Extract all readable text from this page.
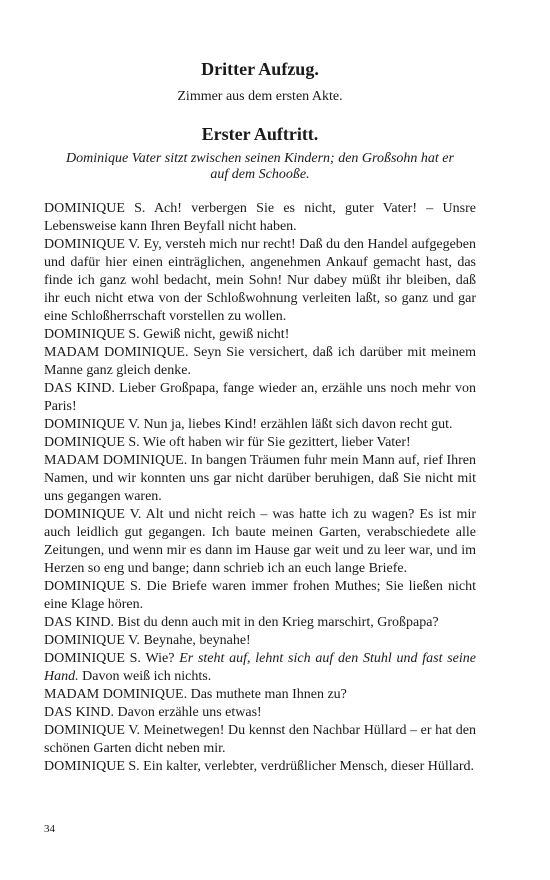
Dritter Aufzug.

Zimmer aus dem ersten Akte.

Erster Auftritt.

Dominique Vater sitzt zwischen seinen Kindern; den Großsohn hat er auf dem Schooße.

DOMINIQUE S. Ach! verbergen Sie es nicht, guter Vater! – Unsre Lebensweise kann Ihren Beyfall nicht haben.

DOMINIQUE V. Ey, versteh mich nur recht! Daß du den Handel aufgegeben und dafür hier einen einträglichen, angenehmen Ankauf gemacht hast, das finde ich ganz wohl bedacht, mein Sohn! Nur dabey müßt ihr bleiben, daß ihr euch nicht etwa von der Schloßwohnung verleiten laßt, so ganz und gar eine Schloßherrschaft vorstellen zu wollen.

DOMINIQUE S. Gewiß nicht, gewiß nicht!

MADAM DOMINIQUE. Seyn Sie versichert, daß ich darüber mit meinem Manne ganz gleich denke.

DAS KIND. Lieber Großpapa, fange wieder an, erzähle uns noch mehr von Paris!

DOMINIQUE V. Nun ja, liebes Kind! erzählen läßt sich davon recht gut.

DOMINIQUE S. Wie oft haben wir für Sie gezittert, lieber Vater!

MADAM DOMINIQUE. In bangen Träumen fuhr mein Mann auf, rief Ihren Namen, und wir konnten uns gar nicht darüber beruhigen, daß Sie nicht mit uns gegangen waren.

DOMINIQUE V. Alt und nicht reich – was hatte ich zu wagen? Es ist mir auch leidlich gut gegangen. Ich baute meinen Garten, verabschiedete alle Zeitungen, und wenn mir es dann im Hause gar weit und zu leer war, und im Herzen so eng und bange; dann schrieb ich an euch lange Briefe.

DOMINIQUE S. Die Briefe waren immer frohen Muthes; Sie ließen nicht eine Klage hören.

DAS KIND. Bist du denn auch mit in den Krieg marschirt, Großpapa?

DOMINIQUE V. Beynahe, beynahe!

DOMINIQUE S. Wie? Er steht auf, lehnt sich auf den Stuhl und fast seine Hand. Davon weiß ich nichts.

MADAM DOMINIQUE. Das muthete man Ihnen zu?

DAS KIND. Davon erzähle uns etwas!

DOMINIQUE V. Meinetwegen! Du kennst den Nachbar Hüllard – er hat den schönen Garten dicht neben mir.

DOMINIQUE S. Ein kalter, verlebter, verdrüßlicher Mensch, dieser Hüllard.

34
